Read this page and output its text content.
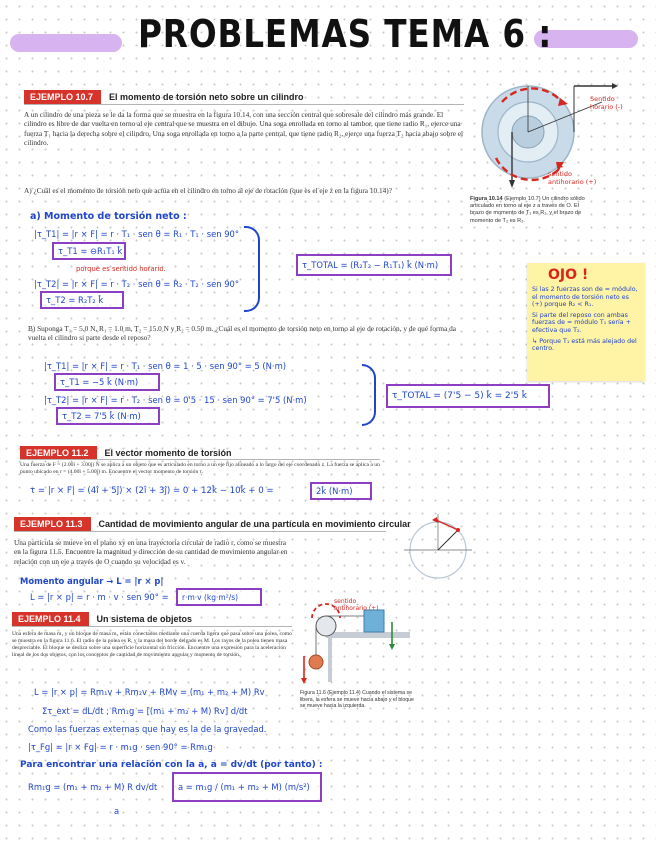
PROBLEMAS TEMA 6 :
EJEMPLO 10.7	El momento de torsión neto sobre un cilindro
A un cilindro de una pieza se le da la forma que se muestra en la figura 10.14, con una sección central que sobresale del cilindro más grande. El cilindro es libre de dar vuelta en torno al eje central que se muestra en el dibujo. Una soga enrollada en torno al tambor, que tiene radio R₁, ejerce una fuerza T₁ hacia la derecha sobre el cilindro. Una soga enrollada en torno a la parte central, que tiene radio R₂, ejerce una fuerza T₂ hacia abajo sobre el cilindro.
A) ¿Cuál es el momento de torsión neto que actúa en el cilindro en torno al eje de rotación (que es el eje z en la figura 10.14)?
Sentido horario (-)
sentido antihorario (+)
Figura 10.14 (Ejemplo 10.7) Un cilindro sólido articulado en torno al eje z a través de O. El brazo de momento de T₁ es R₁, y el brazo de momento de T₂ es R₂.
a) Momento de torsión neto :
|τ_T1| = |r × F| = r · T₁ · sen θ = R₁ · T₁ · sen 90°
τ_T1 = ⊖R₁T₁ k̂
porque es sentido horario.
|τ_T2| = |r × F| = r · T₂ · sen θ = R₂ · T₂ · sen 90°
τ_T2 = R₂T₂ k̂
τ_TOTAL = (R₂T₂ − R₁T₁) k̂ (N·m)
OJO !
Si las 2 fuerzas son de = módulo, el momento de torsión neto es (+) porque R₂ < R₁.
Si parte del reposo con ambas fuerzas de = módulo T₁ sería + efectiva que T₂.
↳ Porque T₁ está más alejado del centro.
B) Suponga T₁ = 5.0 N, R₁ = 1.0 m, T₂ = 15.0 N y R₂ = 0.50 m. ¿Cuál es el momento de torsión neto en torno al eje de rotación, y de qué forma da vuelta el cilindro si parte desde el reposo?
|τ_T1| = |r × F| = r · T₁ · sen θ = 1 · 5 · sen 90° = 5 (N·m)
τ_T1 = −5 k̂ (N·m)
|τ_T2| = |r × F| = r · T₂ · sen θ = 0'5 · 15 · sen 90° = 7'5 (N·m)
τ_T2 = 7'5 k̂ (N·m)
τ_TOTAL = (7'5 − 5) k̂ = 2'5 k̂
EJEMPLO 11.2	El vector momento de torsión
Una fuerza de F = (2.00î + 3.00ĵ) N se aplica a un objeto que es articulado en torno a un eje fijo alineado a lo largo del eje coordenado z. La fuerza se aplica a un punto ubicado en r = (4.00î + 5.00ĵ) m. Encuentre el vector momento de torsión τ.
τ = |r × F| = (4î + 5ĵ) × (2î + 3ĵ) = 0 + 12k̂ − 10k̂ + 0 =	2k̂ (N·m)
EJEMPLO 11.3	Cantidad de movimiento angular de una partícula en movimiento circular
Una partícula se mueve en el plano xy en una trayectoria circular de radio r, como se muestra en la figura 11.5. Encuentre la magnitud y dirección de su cantidad de movimiento angular en relación con un eje a través de O cuando su velocidad es v.
Momento angular → L = |r × p|
L = |r × p| = r · m · v · sen 90° =	r·m·v (kg·m²/s)
EJEMPLO 11.4	Un sistema de objetos
Una esfera de masa m₁ y un bloque de masa m₂ están conectados mediante una cuerda ligera que pasa sobre una polea, como se muestra en la figura 11.6. El radio de la polea es R, y la masa del borde delgado es M. Los rayos de la polea tienen masa despreciable. El bloque se desliza sobre una superficie horizontal sin fricción. Encuentre una expresión para la aceleración lineal de los dos objetos, con los conceptos de cantidad de movimiento angular y momento de torsión.
sentido antihorario (+)
Figura 11.6 (Ejemplo 11.4) Cuando el sistema se libera, la esfera se mueve hacia abajo y el bloque se mueve hacia la izquierda.
L = |r × p| = Rm₁v + Rm₂v + RMv = (m₁ + m₂ + M) Rv
Στ_ext = dL/dt ; Rm₁g = [(m₁ + m₂ + M) Rv] d/dt
Como las fuerzas externas que hay es la de la gravedad.
|τ_Fg| = |r × Fg| = r · m₁g · sen 90° = Rm₁g
Para encontrar una relación con la a, a = dv/dt (por tanto) :
Rm₁g = (m₁ + m₂ + M) R dv/dt
a
a = m₁g / (m₁ + m₂ + M) (m/s²)
